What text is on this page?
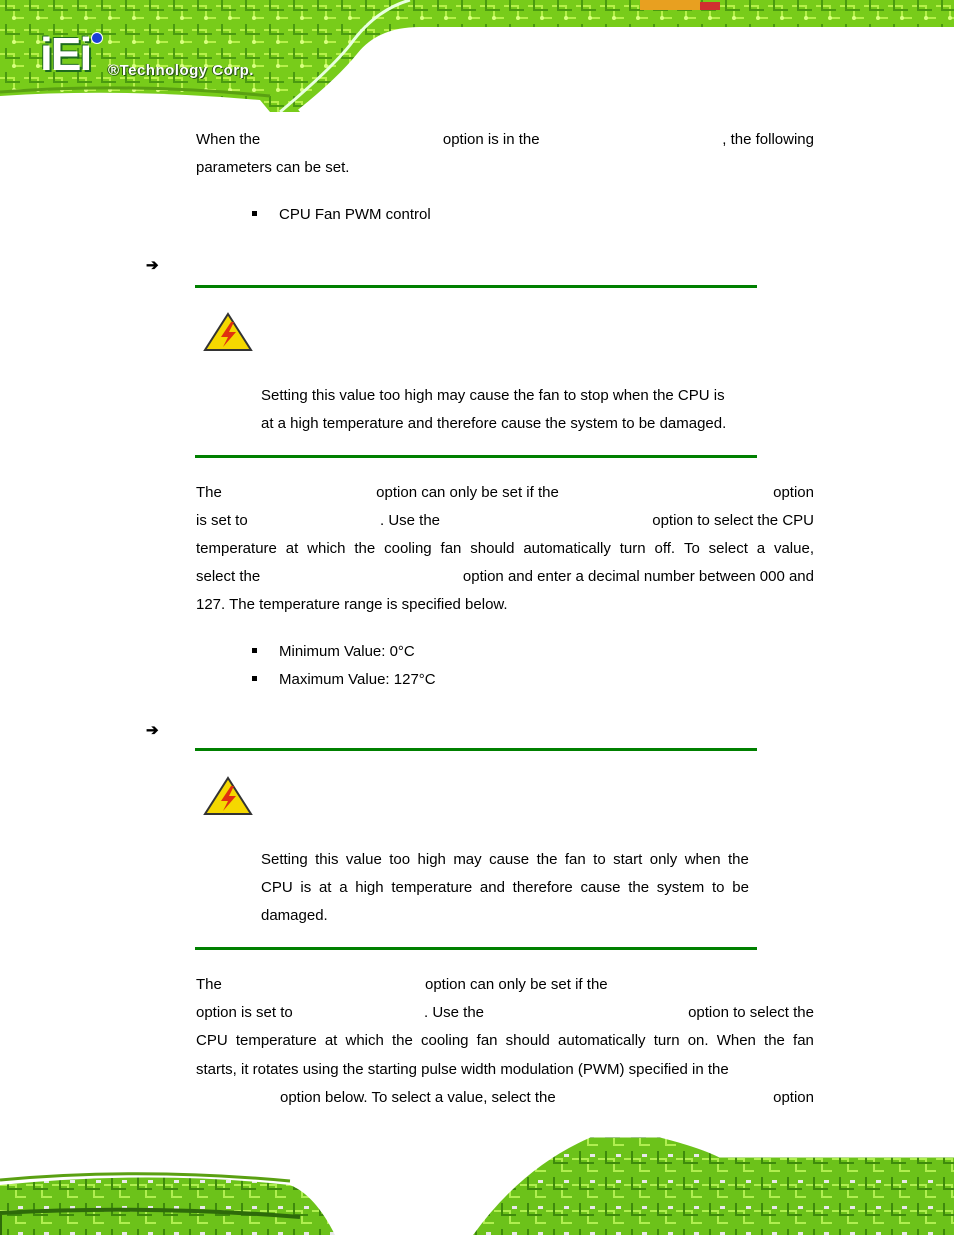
iEi ®Technology Corp.
When the	option is in the	, the following
parameters can be set.
CPU Fan PWM control
➔
Setting this value too high may cause the fan to stop when the CPU is
at a high temperature and therefore cause the system to be damaged.
The	option can only be set if the	option
is set to	. Use the	option to select the CPU
temperature at which the cooling fan should automatically turn off. To select a value,
select the	option and enter a decimal number between 000 and
127. The temperature range is specified below.
Minimum Value: 0°C
Maximum Value: 127°C
➔
Setting this value too high may cause the fan to start only when the
CPU is at a high temperature and therefore cause the system to be
damaged.
The	option can only be set if the
option is set to	. Use the	option to select the
CPU temperature at which the cooling fan should automatically turn on. When the fan
starts, it rotates using the starting pulse width modulation (PWM) specified in the
option below. To select a value, select the	option
